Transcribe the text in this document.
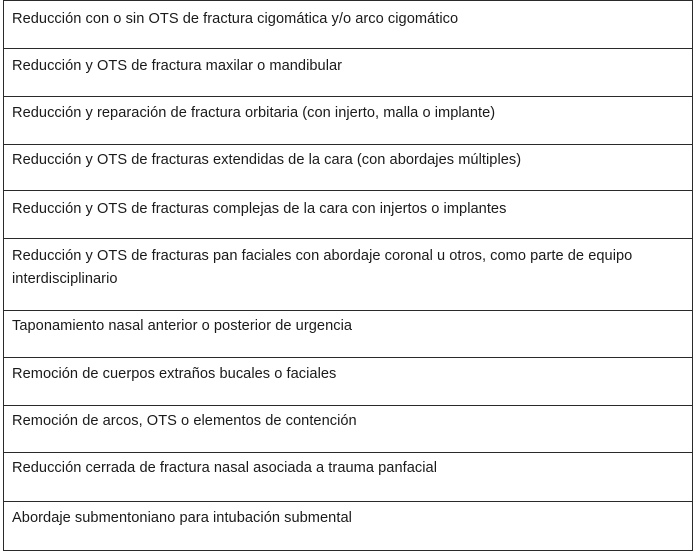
Reducción con o sin OTS de fractura cigomática y/o arco cigomático
Reducción y OTS de fractura maxilar o mandibular
Reducción y reparación de fractura orbitaria (con injerto, malla o implante)
Reducción y OTS de fracturas extendidas de la cara (con abordajes múltiples)
Reducción y OTS de fracturas complejas de la cara con injertos o implantes
Reducción y OTS de fracturas pan faciales con abordaje coronal u otros, como parte de equipo interdisciplinario
Taponamiento nasal anterior o posterior de urgencia
Remoción de cuerpos extraños bucales o faciales
Remoción de arcos, OTS o elementos de contención
Reducción cerrada de fractura nasal asociada a trauma panfacial
Abordaje submentoniano para intubación submental
